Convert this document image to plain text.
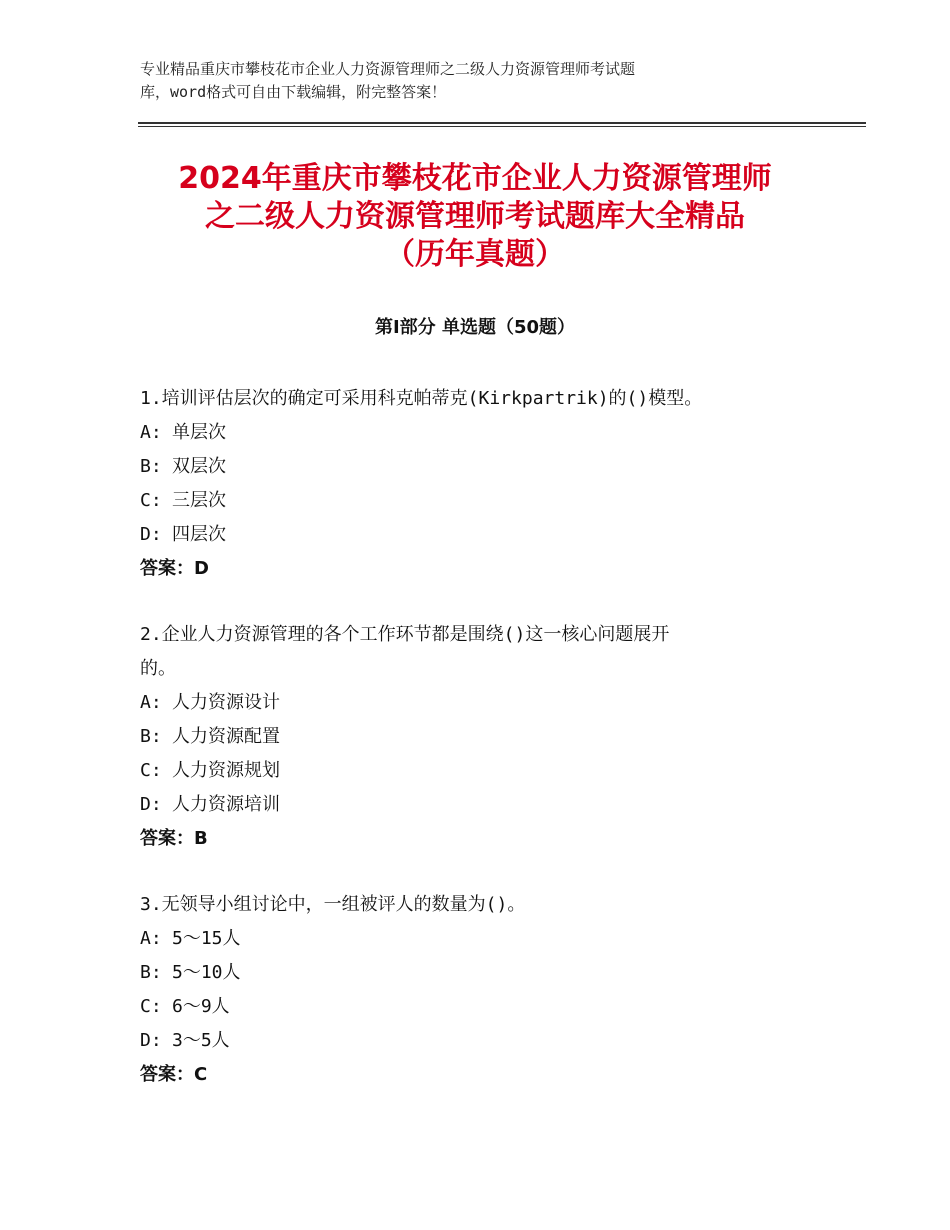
专业精品重庆市攀枝花市企业人力资源管理师之二级人力资源管理师考试题
库，word格式可自由下载编辑，附完整答案！
2024年重庆市攀枝花市企业人力资源管理师
之二级人力资源管理师考试题库大全精品
（历年真题）
第Ⅰ部分 单选题（50题）
1.培训评估层次的确定可采用科克帕蒂克(Kirkpartrik)的()模型。
A: 单层次
B: 双层次
C: 三层次
D: 四层次
答案：D
2.企业人力资源管理的各个工作环节都是围绕()这一核心问题展开
的。
A: 人力资源设计
B: 人力资源配置
C: 人力资源规划
D: 人力资源培训
答案：B
3.无领导小组讨论中，一组被评人的数量为()。
A: 5～15人
B: 5～10人
C: 6～9人
D: 3～5人
答案：C
